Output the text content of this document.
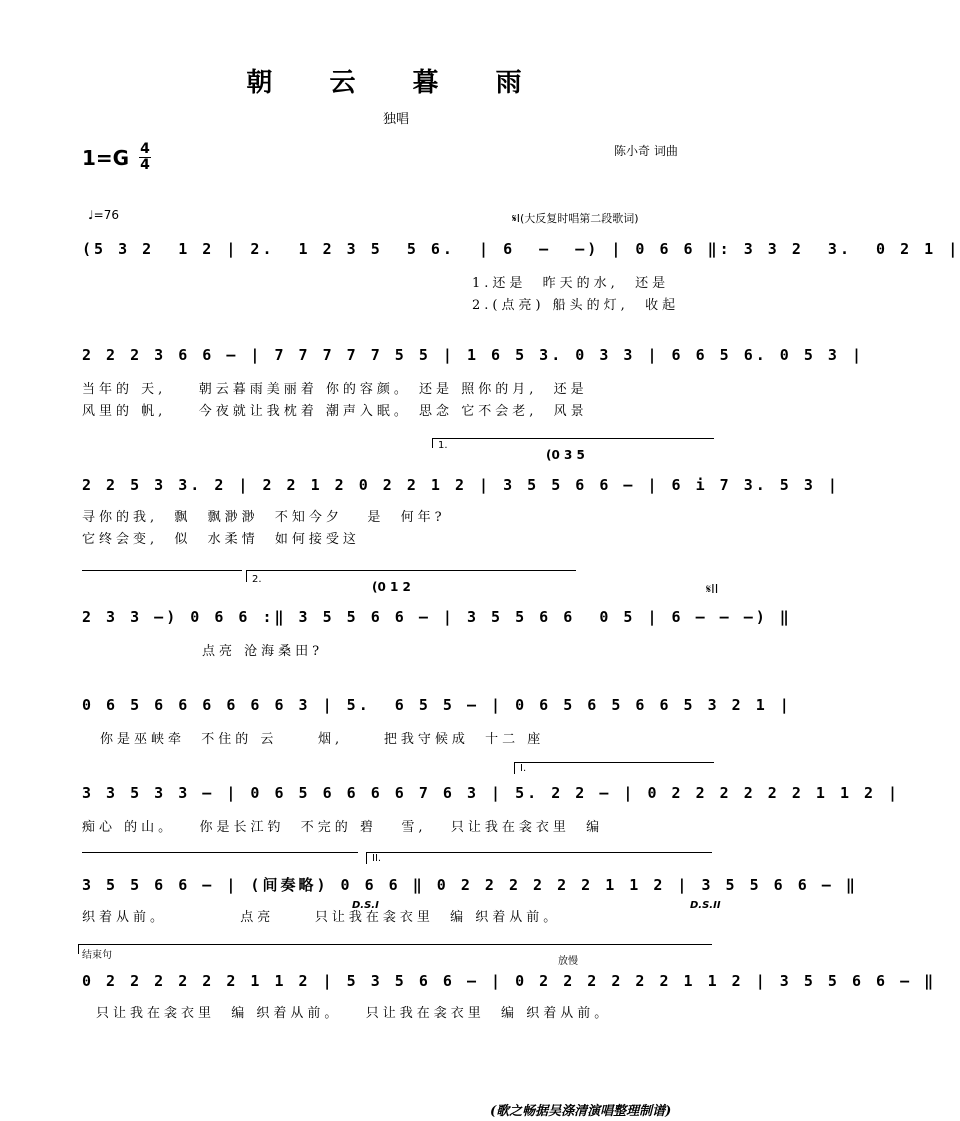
朝 云 暮 雨
独唱
1=G 4
4
陈小奇 词曲
♩=76	𝄋I(大反复时唱第二段歌词)
(5 3 2  1 2 | 2.  1 2 3 5  5 6.  | 6  –  –) | 0 6 6 ‖: 3 3 2  3.  0 2 1 |
1.还是  昨天的水,  还是
2.(点亮) 船头的灯,  收起
2 2 2 3 6 6 – | 7 7 7 7 7 5 5 | 1 6 5 3. 0 3 3 | 6 6 5 6. 0 5 3 |
当年的 天,    朝云暮雨美丽着 你的容颜。 还是 照你的月,  还是
风里的 帆,    今夜就让我枕着 潮声入眠。 思念 它不会老,  风景
1.
(0 3 5
2 2 5 3 3. 2 | 2 2 1 2 0 2 2 1 2 | 3 5 5 6 6 – | 6 i 7 3. 5 3 |
寻你的我,  飘  飘渺渺  不知今夕   是  何年?
它终会变,  似  水柔情  如何接受这
2.
(0 1 2	𝄋II
2 3 3 –) 0 6 6 :‖ 3 5 5 6 6 – | 3 5 5 6 6  0 5 | 6 – – –) ‖
点亮 沧海桑田?
0 6 5 6 6 6 6 6 6 3 | 5.  6 5 5 – | 0 6 5 6 5 6 6 5 3 2 1 |
你是巫峡牵  不住的 云     烟,     把我守候成  十二 座
I.
3 3 5 3 3 – | 0 6 5 6 6 6 6 7 6 3 | 5. 2 2 – | 0 2 2 2 2 2 2 1 1 2 |
痴心 的山。   你是长江钓  不完的 碧   雪,   只让我在衾衣里  编
II.
3 5 5 6 6 – | (间奏略) 0 6 6 ‖ 0 2 2 2 2 2 2 1 1 2 | 3 5 5 6 6 – ‖
织着从前。         点亮     只让我在衾衣里  编 织着从前。
D.S.I	D.S.II
结束句
放慢
0 2 2 2 2 2 2 1 1 2 | 5 3 5 6 6 – | 0 2 2 2 2 2 2 1 1 2 | 3 5 5 6 6 – ‖
只让我在衾衣里  编 织着从前。   只让我在衾衣里  编 织着从前。
(歌之畅据吴涤清演唱整理制谱)
